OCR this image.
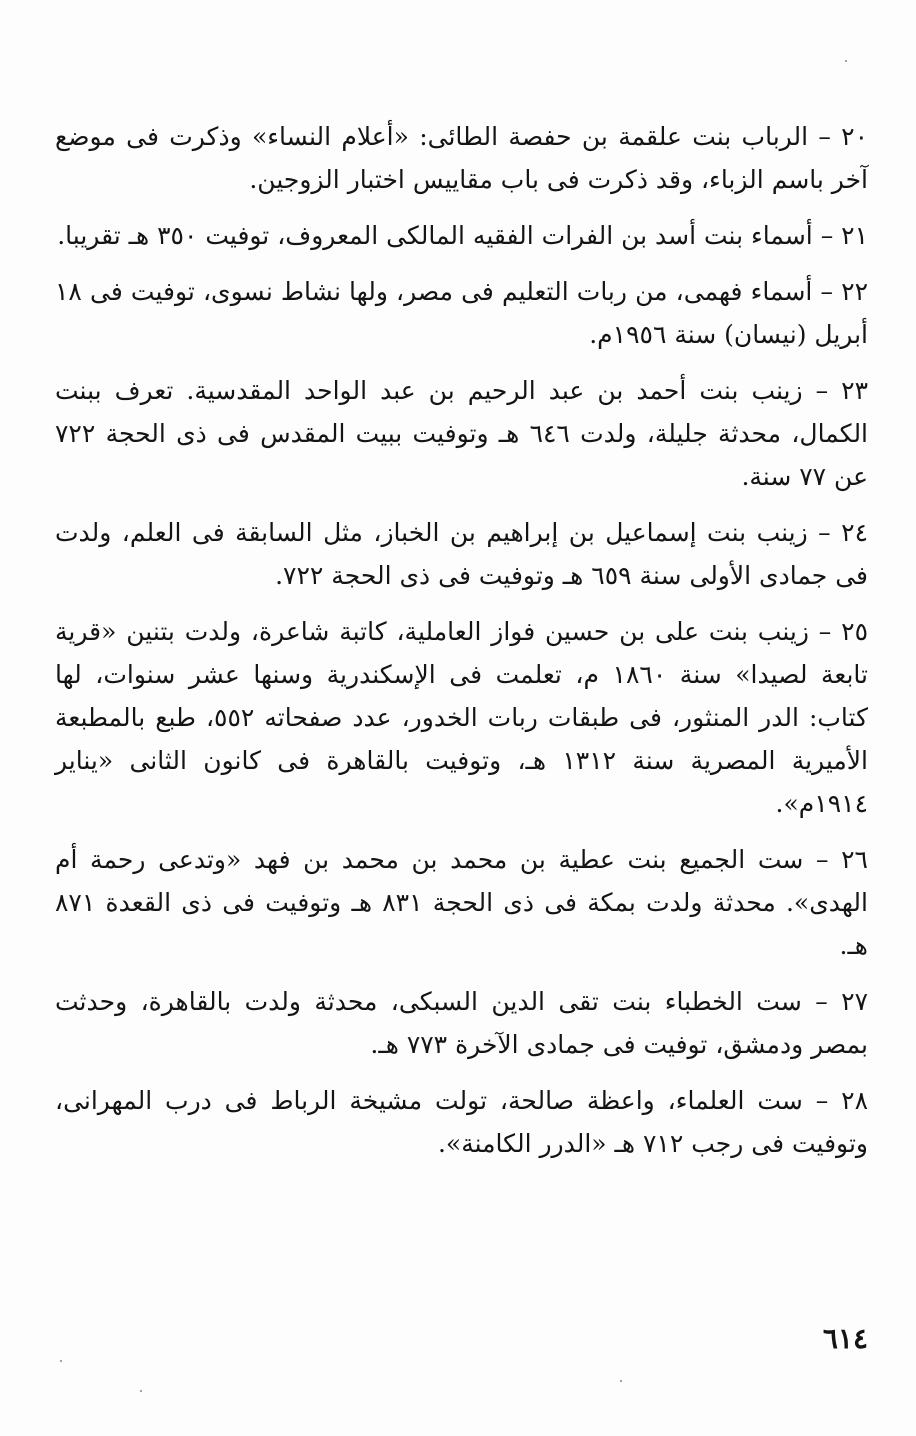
٢٠ – الرباب بنت علقمة بن حفصة الطائى: «أعلام النساء» وذكرت فى موضع آخر باسم الزباء، وقد ذكرت فى باب مقاييس اختبار الزوجين.

٢١ – أسماء بنت أسد بن الفرات الفقيه المالكى المعروف، توفيت ٣٥٠ هـ تقريبا.

٢٢ – أسماء فهمى، من ربات التعليم فى مصر، ولها نشاط نسوى، توفيت فى ١٨ أبريل (نيسان) سنة ١٩٥٦م.

٢٣ – زينب بنت أحمد بن عبد الرحيم بن عبد الواحد المقدسية. تعرف ببنت الكمال، محدثة جليلة، ولدت ٦٤٦ هـ وتوفيت ببيت المقدس فى ذى الحجة ٧٢٢ عن ٧٧ سنة.

٢٤ – زينب بنت إسماعيل بن إبراهيم بن الخباز، مثل السابقة فى العلم، ولدت فى جمادى الأولى سنة ٦٥٩ هـ وتوفيت فى ذى الحجة ٧٢٢.

٢٥ – زينب بنت على بن حسين فواز العاملية، كاتبة شاعرة، ولدت بتنين «قرية تابعة لصيدا» سنة ١٨٦٠ م، تعلمت فى الإسكندرية وسنها عشر سنوات، لها كتاب: الدر المنثور، فى طبقات ربات الخدور، عدد صفحاته ٥٥٢، طبع بالمطبعة الأميرية المصرية سنة ١٣١٢ هـ، وتوفيت بالقاهرة فى كانون الثانى «يناير ١٩١٤م».

٢٦ – ست الجميع بنت عطية بن محمد بن محمد بن فهد «وتدعى رحمة أم الهدى». محدثة ولدت بمكة فى ذى الحجة ٨٣١ هـ وتوفيت فى ذى القعدة ٨٧١ هـ.

٢٧ – ست الخطباء بنت تقى الدين السبكى، محدثة ولدت بالقاهرة، وحدثت بمصر ودمشق، توفيت فى جمادى الآخرة ٧٧٣ هـ.

٢٨ – ست العلماء، واعظة صالحة، تولت مشيخة الرباط فى درب المهرانى، وتوفيت فى رجب ٧١٢ هـ «الدرر الكامنة».

٦١٤
